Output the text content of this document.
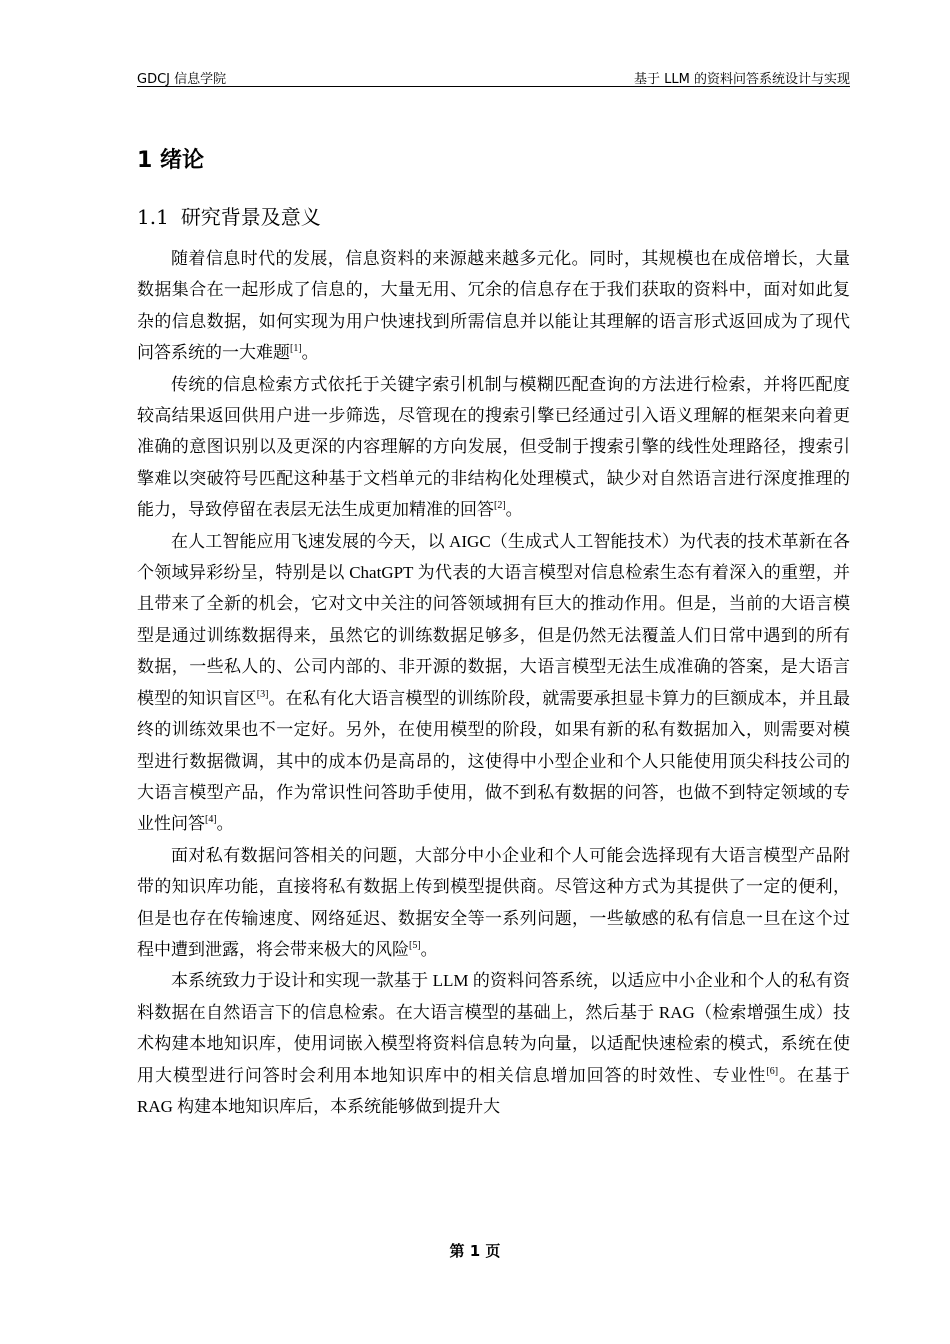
GDCJ 信息学院	基于 LLM 的资料问答系统设计与实现
1 绪论
1.1 研究背景及意义

随着信息时代的发展，信息资料的来源越来越多元化。同时，其规模也在成倍增长，大量数据集合在一起形成了信息的，大量无用、冗余的信息存在于我们获取的资料中，面对如此复杂的信息数据，如何实现为用户快速找到所需信息并以能让其理解的语言形式返回成为了现代问答系统的一大难题[1]。

传统的信息检索方式依托于关键字索引机制与模糊匹配查询的方法进行检索，并将匹配度较高结果返回供用户进一步筛选，尽管现在的搜索引擎已经通过引入语义理解的框架来向着更准确的意图识别以及更深的内容理解的方向发展，但受制于搜索引擎的线性处理路径，搜索引擎难以突破符号匹配这种基于文档单元的非结构化处理模式，缺少对自然语言进行深度推理的能力，导致停留在表层无法生成更加精准的回答[2]。

在人工智能应用飞速发展的今天，以 AIGC（生成式人工智能技术）为代表的技术革新在各个领域异彩纷呈，特别是以 ChatGPT 为代表的大语言模型对信息检索生态有着深入的重塑，并且带来了全新的机会，它对文中关注的问答领域拥有巨大的推动作用。但是，当前的大语言模型是通过训练数据得来，虽然它的训练数据足够多，但是仍然无法覆盖人们日常中遇到的所有数据，一些私人的、公司内部的、非开源的数据，大语言模型无法生成准确的答案，是大语言模型的知识盲区[3]。在私有化大语言模型的训练阶段，就需要承担显卡算力的巨额成本，并且最终的训练效果也不一定好。另外，在使用模型的阶段，如果有新的私有数据加入，则需要对模型进行数据微调，其中的成本仍是高昂的，这使得中小型企业和个人只能使用顶尖科技公司的大语言模型产品，作为常识性问答助手使用，做不到私有数据的问答，也做不到特定领域的专业性问答[4]。

面对私有数据问答相关的问题，大部分中小企业和个人可能会选择现有大语言模型产品附带的知识库功能，直接将私有数据上传到模型提供商。尽管这种方式为其提供了一定的便利，但是也存在传输速度、网络延迟、数据安全等一系列问题，一些敏感的私有信息一旦在这个过程中遭到泄露，将会带来极大的风险[5]。

本系统致力于设计和实现一款基于 LLM 的资料问答系统，以适应中小企业和个人的私有资料数据在自然语言下的信息检索。在大语言模型的基础上，然后基于 RAG（检索增强生成）技术构建本地知识库，使用词嵌入模型将资料信息转为向量，以适配快速检索的模式，系统在使用大模型进行问答时会利用本地知识库中的相关信息增加回答的时效性、专业性[6]。在基于 RAG 构建本地知识库后，本系统能够做到提升大

第 1 页
